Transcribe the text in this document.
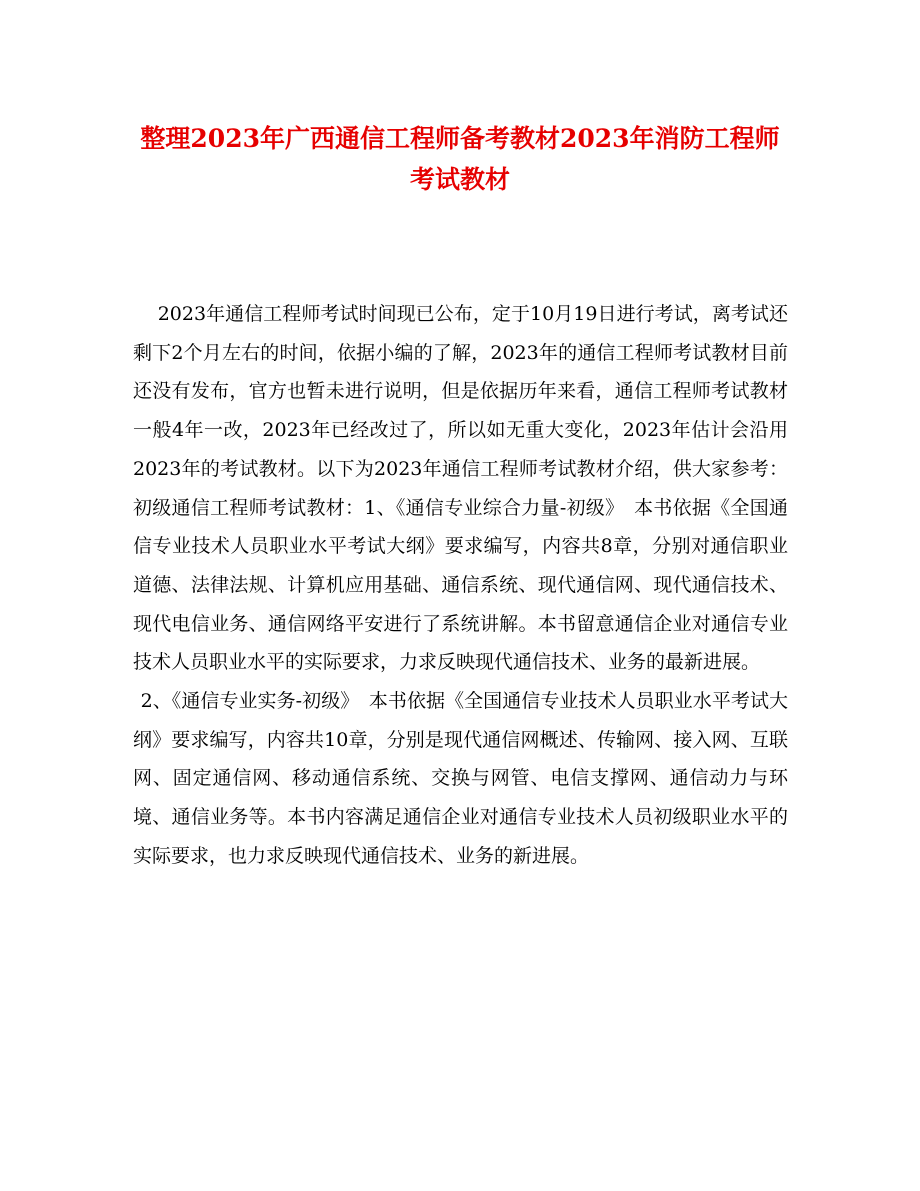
整理2023年广西通信工程师备考教材2023年消防工程师考试教材

2023年通信工程师考试时间现已公布，定于10月19日进行考试，离考试还剩下2个月左右的时间，依据小编的了解，2023年的通信工程师考试教材目前还没有发布，官方也暂未进行说明，但是依据历年来看，通信工程师考试教材一般4年一改，2023年已经改过了，所以如无重大变化，2023年估计会沿用2023年的考试教材。以下为2023年通信工程师考试教材介绍，供大家参考：初级通信工程师考试教材：1、《通信专业综合力量-初级》　本书依据《全国通信专业技术人员职业水平考试大纲》要求编写，内容共8章，分别对通信职业道德、法律法规、计算机应用基础、通信系统、现代通信网、现代通信技术、现代电信业务、通信网络平安进行了系统讲解。本书留意通信企业对通信专业技术人员职业水平的实际要求，力求反映现代通信技术、业务的最新进展。

2、《通信专业实务-初级》　本书依据《全国通信专业技术人员职业水平考试大纲》要求编写，内容共10章，分别是现代通信网概述、传输网、接入网、互联网、固定通信网、移动通信系统、交换与网管、电信支撑网、通信动力与环境、通信业务等。本书内容满足通信企业对通信专业技术人员初级职业水平的实际要求，也力求反映现代通信技术、业务的新进展。
